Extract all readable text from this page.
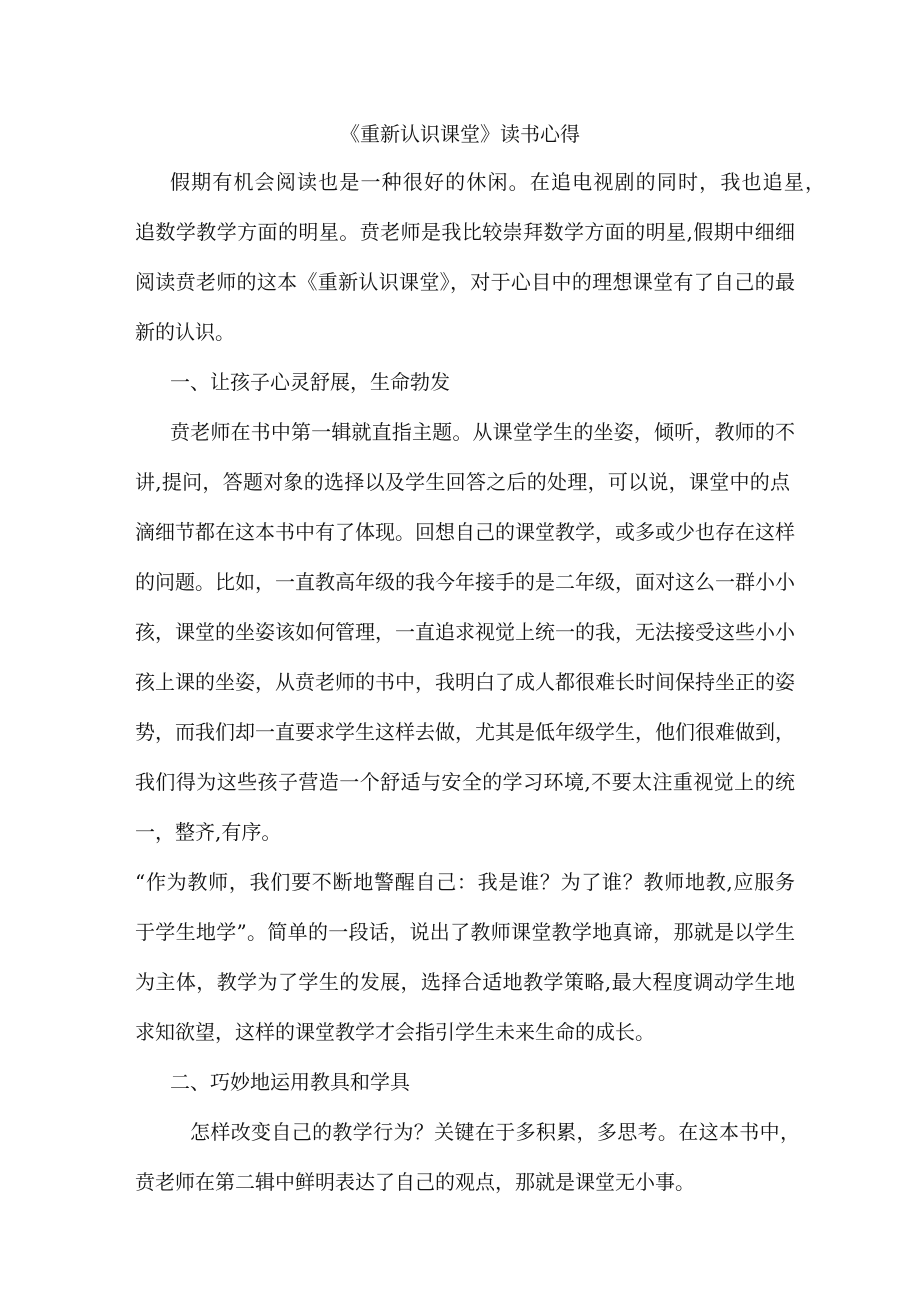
《重新认识课堂》读书心得
假期有机会阅读也是一种很好的休闲。在追电视剧的同时，我也追星，
追数学教学方面的明星。贲老师是我比较崇拜数学方面的明星,假期中细细
阅读贲老师的这本《重新认识课堂》，对于心目中的理想课堂有了自己的最
新的认识。
一、让孩子心灵舒展，生命勃发
贲老师在书中第一辑就直指主题。从课堂学生的坐姿，倾听，教师的不
讲,提问，答题对象的选择以及学生回答之后的处理，可以说，课堂中的点
滴细节都在这本书中有了体现。回想自己的课堂教学，或多或少也存在这样
的问题。比如，一直教高年级的我今年接手的是二年级，面对这么一群小小
孩，课堂的坐姿该如何管理，一直追求视觉上统一的我，无法接受这些小小
孩上课的坐姿，从贲老师的书中，我明白了成人都很难长时间保持坐正的姿
势，而我们却一直要求学生这样去做，尤其是低年级学生，他们很难做到，
我们得为这些孩子营造一个舒适与安全的学习环境,不要太注重视觉上的统
一，整齐,有序。
“作为教师，我们要不断地警醒自己：我是谁？为了谁？教师地教,应服务
于学生地学”。简单的一段话，说出了教师课堂教学地真谛，那就是以学生
为主体，教学为了学生的发展，选择合适地教学策略,最大程度调动学生地
求知欲望，这样的课堂教学才会指引学生未来生命的成长。
二、巧妙地运用教具和学具
怎样改变自己的教学行为？关键在于多积累，多思考。在这本书中，
贲老师在第二辑中鲜明表达了自己的观点，那就是课堂无小事。
